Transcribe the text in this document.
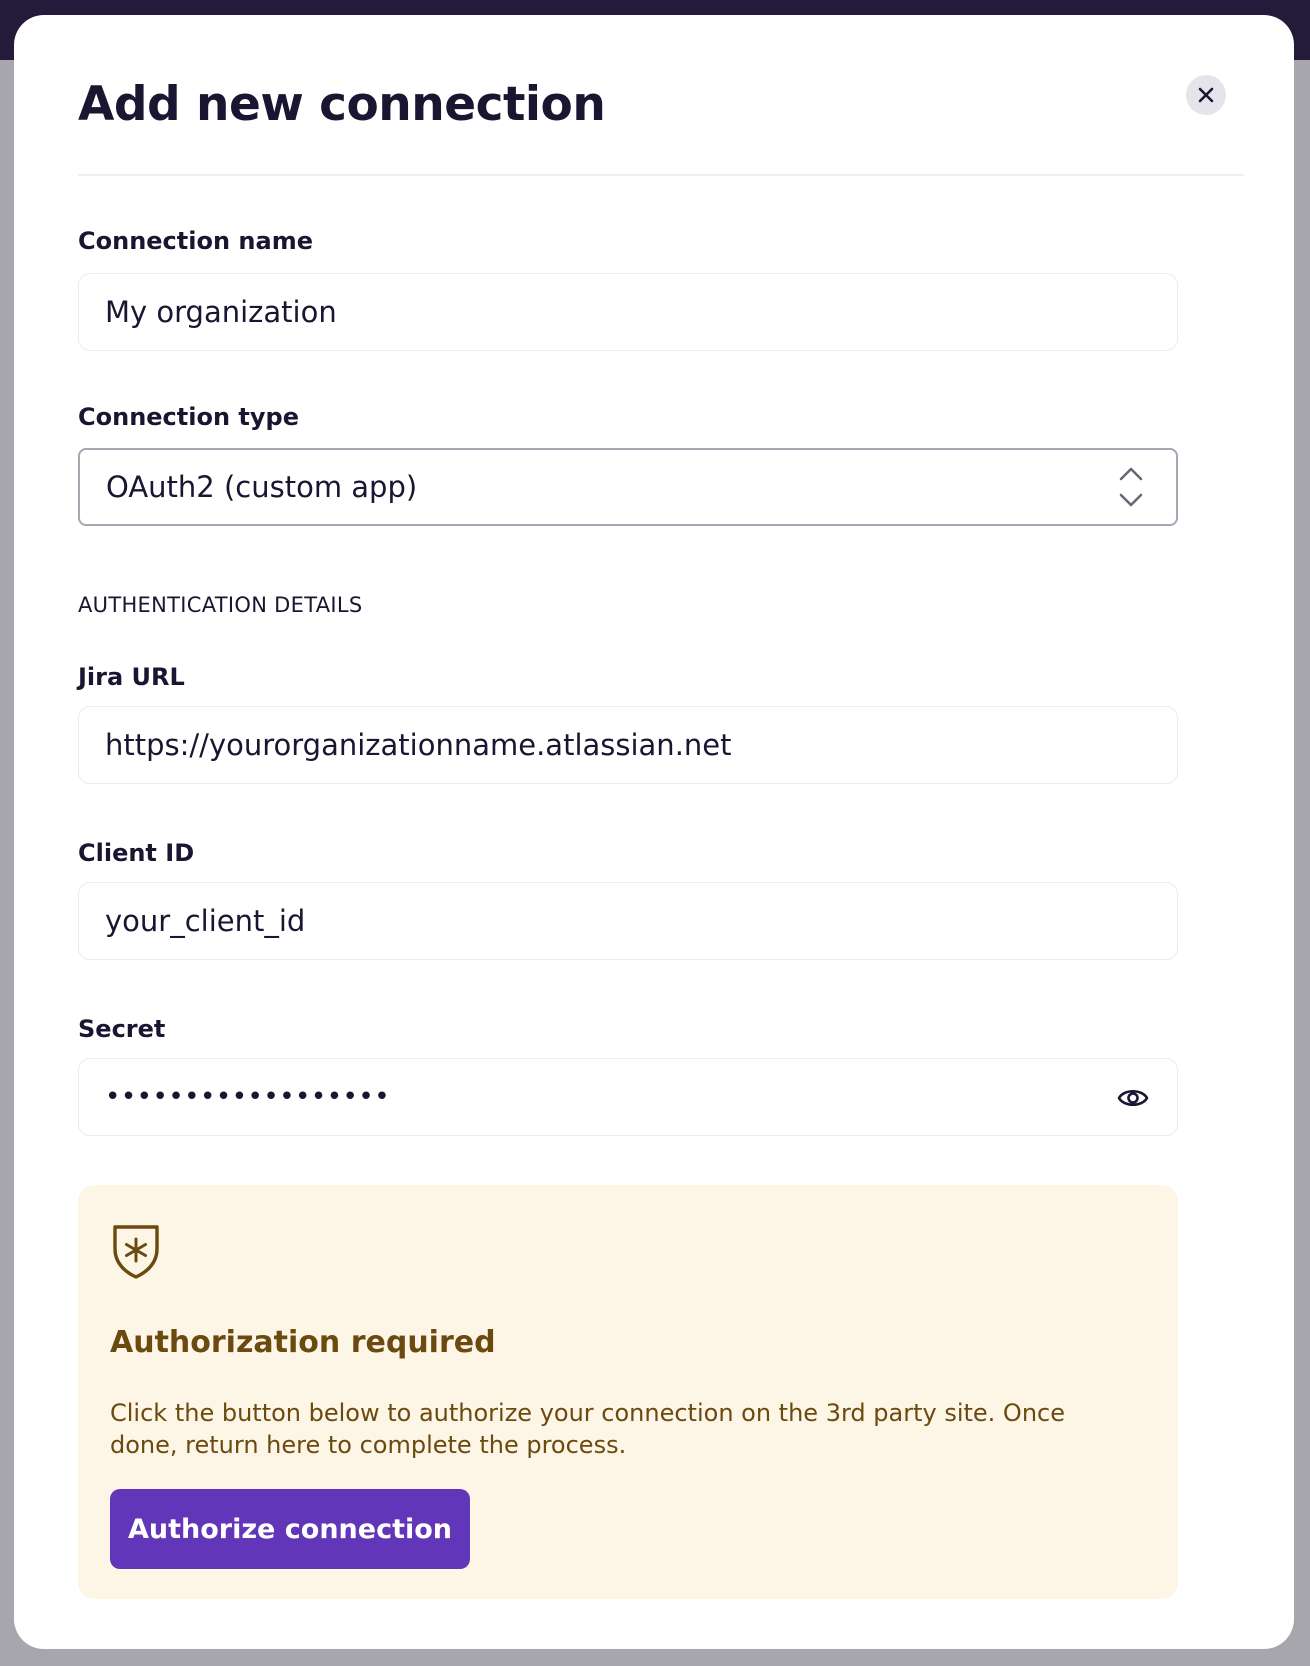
Add new connection

Connection name

My organization

Connection type

OAuth2 (custom app)

AUTHENTICATION DETAILS

Jira URL

https://yourorganizationname.atlassian.net

Client ID

your_client_id

Secret

••••••••••••••••••
Authorization required

Click the button below to authorize your connection on the 3rd party site. Once done, return here to complete the process.

Authorize connection
